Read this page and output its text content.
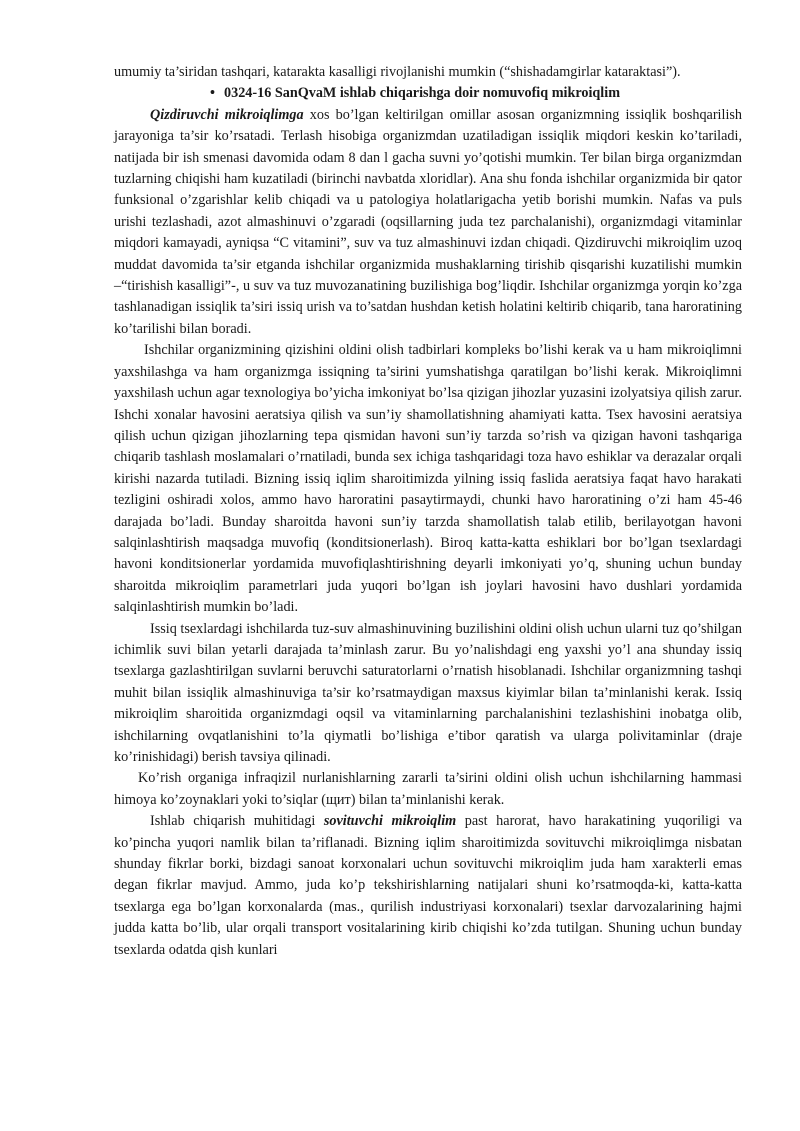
umumiy ta’siridan tashqari, katarakta kasalligi rivojlanishi mumkin (“shishadamgirlar kataraktasi”).

• 0324-16 SanQvaM ishlab chiqarishga doir nomuvofiq mikroiqlim

Qizdiruvchi mikroiqlimga xos bo’lgan keltirilgan omillar asosan organizmning issiqlik boshqarilish jarayoniga ta’sir ko’rsatadi. Terlash hisobiga organizmdan uzatiladigan issiqlik miqdori keskin ko’tariladi, natijada bir ish smenasi davomida odam 8 dan l gacha suvni yo’qotishi mumkin. Ter bilan birga organizmdan tuzlarning chiqishi ham kuzatiladi (birinchi navbatda xloridlar). Ana shu fonda ishchilar organizmida bir qator funksional o’zgarishlar kelib chiqadi va u patologiya holatlarigacha yetib borishi mumkin. Nafas va puls urishi tezlashadi, azot almashinuvi o’zgaradi (oqsillarning juda tez parchalanishi), organizmdagi vitaminlar miqdori kamayadi, ayniqsa “C vitamini”, suv va tuz almashinuvi izdan chiqadi. Qizdiruvchi mikroiqlim uzoq muddat davomida ta’sir etganda ishchilar organizmida mushaklarning tirishib qisqarishi kuzatilishi mumkin –“tirishish kasalligi”-, u suv va tuz muvozanatining buzilishiga bog’liqdir. Ishchilar organizmga yorqin ko’zga tashlanadigan issiqlik ta’siri issiq urish va to’satdan hushdan ketish holatini keltirib chiqarib, tana haroratining ko’tarilishi bilan boradi.

Ishchilar organizmining qizishini oldini olish tadbirlari kompleks bo’lishi kerak va u ham mikroiqlimni yaxshilashga va ham organizmga issiqning ta’sirini yumshatishga qaratilgan bo’lishi kerak. Mikroiqlimni yaxshilash uchun agar texnologiya bo’yicha imkoniyat bo’lsa qizigan jihozlar yuzasini izolyatsiya qilish zarur. Ishchi xonalar havosini aeratsiya qilish va sun’iy shamollatishning ahamiyati katta. Tsex havosini aeratsiya qilish uchun qizigan jihozlarning tepa qismidan havoni sun’iy tarzda so’rish va qizigan havoni tashqariga chiqarib tashlash moslamalari o’rnatiladi, bunda sex ichiga tashqaridagi toza havo eshiklar va derazalar orqali kirishi nazarda tutiladi. Bizning issiq iqlim sharoitimizda yilning issiq faslida aeratsiya faqat havo harakati tezligini oshiradi xolos, ammo havo haroratini pasaytirmaydi, chunki havo haroratining o’zi ham 45-46 darajada bo’ladi. Bunday sharoitda havoni sun’iy tarzda shamollatish talab etilib, berilayotgan havoni salqinlashtirish maqsadga muvofiq (konditsionerlash). Biroq katta-katta eshiklari bor bo’lgan tsexlardagi havoni konditsionerlar yordamida muvofiqlashtirishning deyarli imkoniyati yo’q, shuning uchun bunday sharoitda mikroiqlim parametrlari juda yuqori bo’lgan ish joylari havosini havo dushlari yordamida salqinlashtirish mumkin bo’ladi.

Issiq tsexlardagi ishchilarda tuz-suv almashinuvining buzilishini oldini olish uchun ularni tuz qo’shilgan ichimlik suvi bilan yetarli darajada ta’minlash zarur. Bu yo’nalishdagi eng yaxshi yo’l ana shunday issiq tsexlarga gazlashtirilgan suvlarni beruvchi saturatorlarni o’rnatish hisoblanadi. Ishchilar organizmning tashqi muhit bilan issiqlik almashinuviga ta’sir ko’rsatmaydigan maxsus kiyimlar bilan ta’minlanishi kerak. Issiq mikroiqlim sharoitida organizmdagi oqsil va vitaminlarning parchalanishini tezlashishini inobatga olib, ishchilarning ovqatlanishini to’la qiymatli bo’lishiga e’tibor qaratish va ularga polivitaminlar (draje ko’rinishidagi) berish tavsiya qilinadi.

Ko’rish organiga infraqizil nurlanishlarning zararli ta’sirini oldini olish uchun ishchilarning hammasi himoya ko’zoynaklari yoki to’siqlar (щит) bilan ta’minlanishi kerak.

Ishlab chiqarish muhitidagi sovituvchi mikroiqlim past harorat, havo harakatining yuqoriligi va ko’pincha yuqori namlik bilan ta’riflanadi. Bizning iqlim sharoitimizda sovituvchi mikroiqlimga nisbatan shunday fikrlar borki, bizdagi sanoat korxonalari uchun sovituvchi mikroiqlim juda ham xarakterli emas degan fikrlar mavjud. Ammo, juda ko’p tekshirishlarning natijalari shuni ko’rsatmoqda-ki, katta-katta tsexlarga ega bo’lgan korxonalarda (mas., qurilish industriyasi korxonalari) tsexlar darvozalarining hajmi judda katta bo’lib, ular orqali transport vositalarining kirib chiqishi ko’zda tutilgan. Shuning uchun bunday tsexlarda odatda qish kunlari
